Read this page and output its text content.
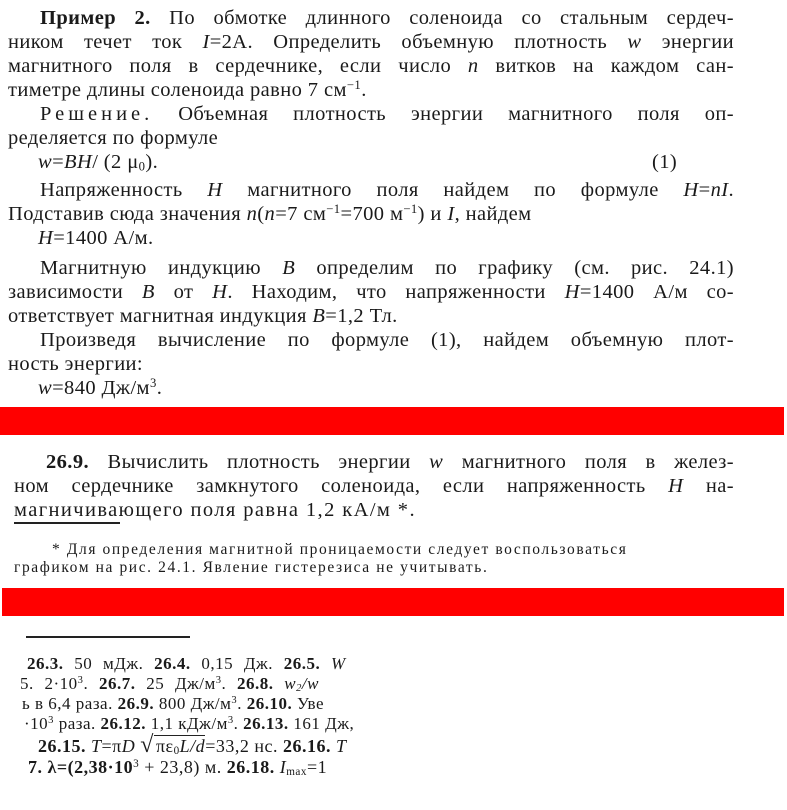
Пример 2. По обмотке длинного соленоида со стальным сердеч-
ником течет ток I=2А. Определить объемную плотность w энергии
магнитного поля в сердечнике, если число n витков на каждом сан-
тиметре длины соленоида равно 7 $см^{-1}$.
Решение. Объемная плотность энергии магнитного поля оп-
ределяется по формуле
w=BH/ (2 $\mu_0$).	(1)
Напряженность H магнитного поля найдем по формуле H=nI.
Подставив сюда значения n(n=7 $см^{-1}=700$ $м^{-1}$) и I, найдем
H=1400 А/м.
Магнитную индукцию B определим по графику (см. рис. 24.1)
зависимости B от H. Находим, что напряженности H=1400 А/м со-
ответствует магнитная индукция B=1,2 Тл.
Произведя вычисление по формуле (1), найдем объемную плот-
ность энергии:
w=840 $Дж/м^3$.
26.9. Вычислить плотность энергии w магнитного поля в желез-
ном сердечнике замкнутого соленоида, если напряженность H на-
магничивающего поля равна 1,2 кА/м *.
* Для определения магнитной проницаемости следует воспользоваться
графиком на рис. 24.1. Явление гистерезиса не учитывать.
26.3. 50 мДж. 26.4. 0,15 Дж. 26.5. W
5. $2\cdot 10^3$. 26.7. 25 $Дж/м^3$. 26.8. $w_2/w$
ь в 6,4 раза. 26.9. 800 $Дж/м^3$. 26.10. Уве
$\cdot 10^3$ раза. 26.12. 1,1 кДж/$м^3$. 26.13. 161 Дж,
26.15. T=πD √ $\pi\varepsilon_0L/d=33,2$ нс. 26.16. T
7. $\lambda=(2,38\cdot 10^3 + 23,8)$ м. 26.18. $I_{max}=1$
